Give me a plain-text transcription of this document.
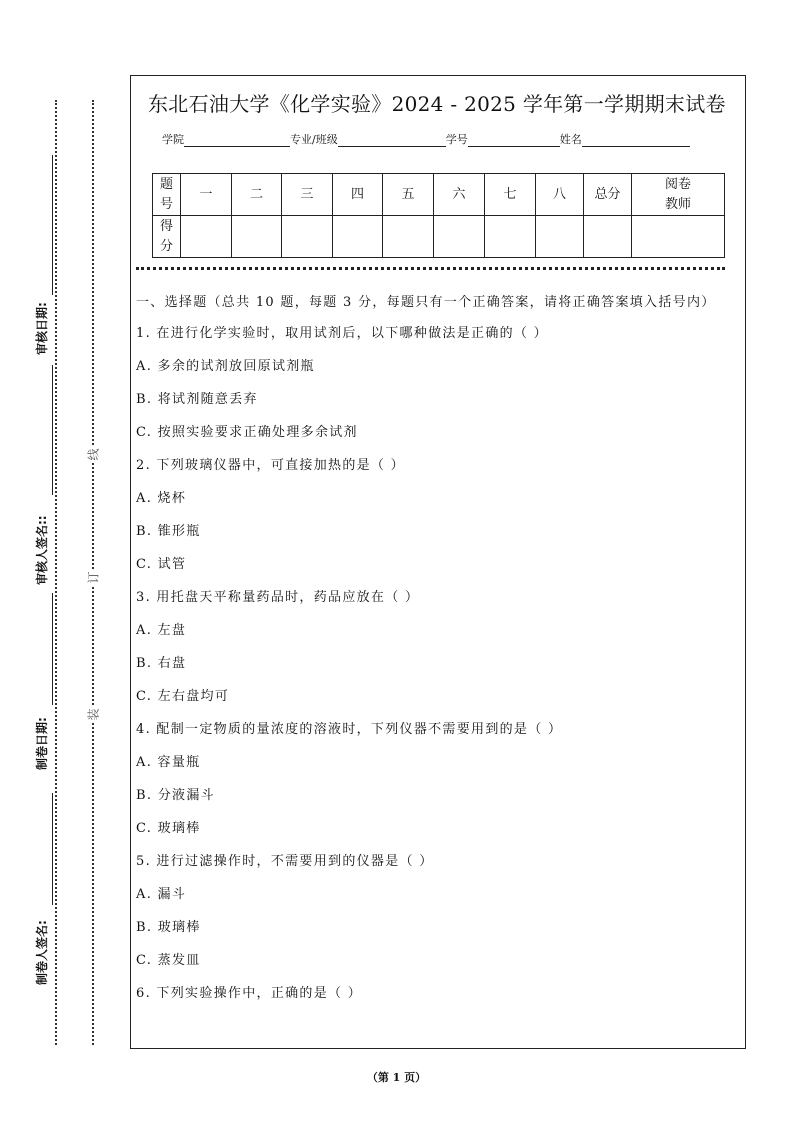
线
订
装
制卷人签名:
制卷日期:
审核人签名::
审核日期:
东北石油大学《化学实验》2024 - 2025 学年第一学期期末试卷
学院	专业/班级	学号	姓名
题号	一	二	三	四	五	六	七	八	总分	阅卷教师
得分										
一、选择题（总共 10 题，每题 3 分，每题只有一个正确答案，请将正确答案填入括号内）
1. 在进行化学实验时，取用试剂后，以下哪种做法是正确的（ ）
A. 多余的试剂放回原试剂瓶
B. 将试剂随意丢弃
C. 按照实验要求正确处理多余试剂
2. 下列玻璃仪器中，可直接加热的是（ ）
A. 烧杯
B. 锥形瓶
C. 试管
3. 用托盘天平称量药品时，药品应放在（ ）
A. 左盘
B. 右盘
C. 左右盘均可
4. 配制一定物质的量浓度的溶液时，下列仪器不需要用到的是（ ）
A. 容量瓶
B. 分液漏斗
C. 玻璃棒
5. 进行过滤操作时，不需要用到的仪器是（ ）
A. 漏斗
B. 玻璃棒
C. 蒸发皿
6. 下列实验操作中，正确的是（ ）
（第 1 页）
